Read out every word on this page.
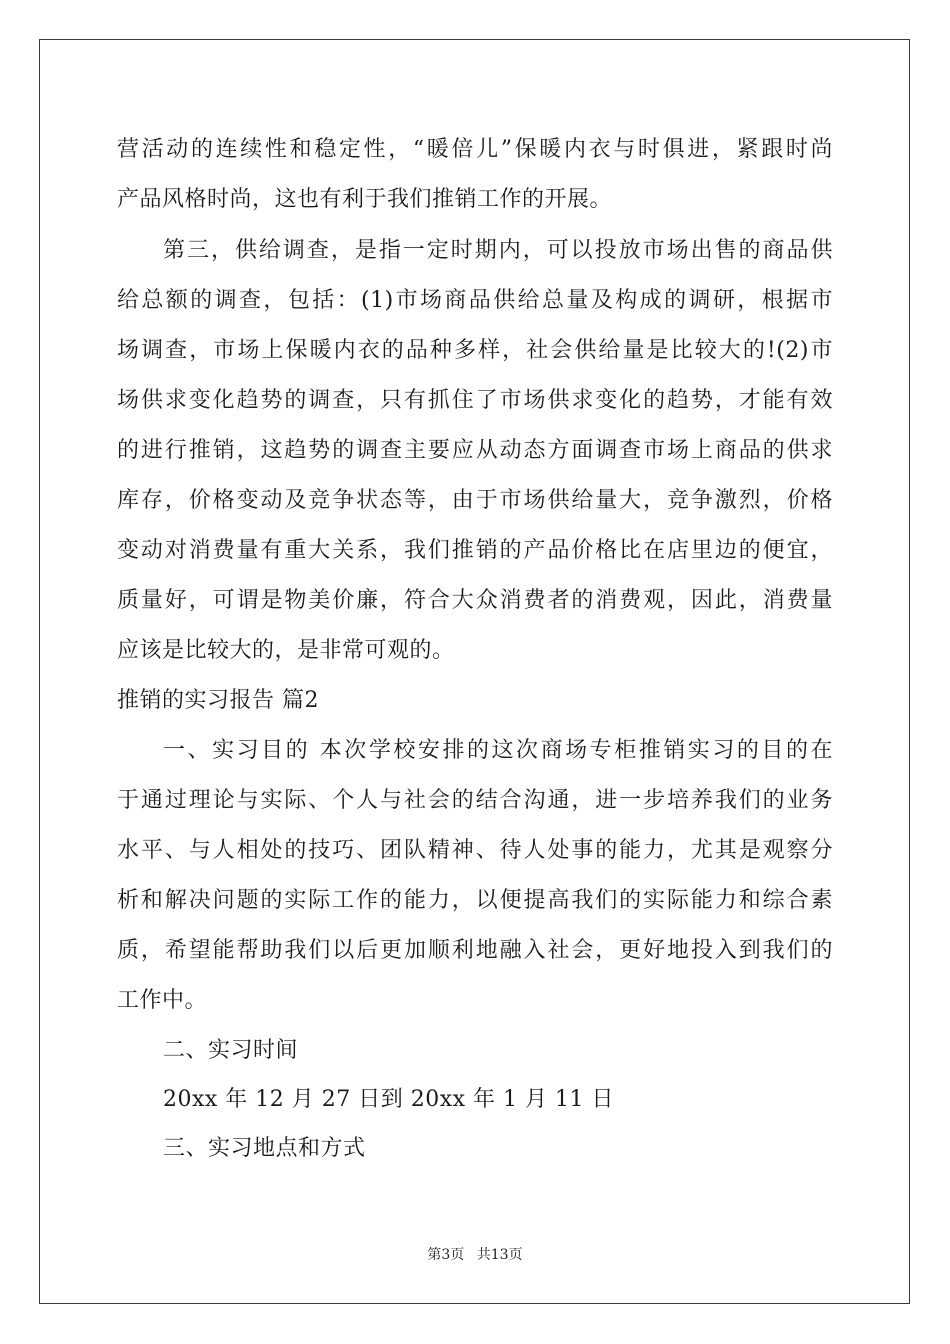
营活动的连续性和稳定性，“暖倍儿”保暖内衣与时俱进，紧跟时尚
产品风格时尚，这也有利于我们推销工作的开展。
第三，供给调查，是指一定时期内，可以投放市场出售的商品供
给总额的调查，包括：(1)市场商品供给总量及构成的调研，根据市
场调查，市场上保暖内衣的品种多样，社会供给量是比较大的!(2)市
场供求变化趋势的调查，只有抓住了市场供求变化的趋势，才能有效
的进行推销，这趋势的调查主要应从动态方面调查市场上商品的供求
库存，价格变动及竞争状态等，由于市场供给量大，竞争激烈，价格
变动对消费量有重大关系，我们推销的产品价格比在店里边的便宜，
质量好，可谓是物美价廉，符合大众消费者的消费观，因此，消费量
应该是比较大的，是非常可观的。
推销的实习报告 篇2
一、实习目的 本次学校安排的这次商场专柜推销实习的目的在
于通过理论与实际、个人与社会的结合沟通，进一步培养我们的业务
水平、与人相处的技巧、团队精神、待人处事的能力，尤其是观察分
析和解决问题的实际工作的能力，以便提高我们的实际能力和综合素
质，希望能帮助我们以后更加顺利地融入社会，更好地投入到我们的
工作中。
二、实习时间
20xx 年 12 月 27 日到 20xx 年 1 月 11 日
三、实习地点和方式
第3页 共13页
